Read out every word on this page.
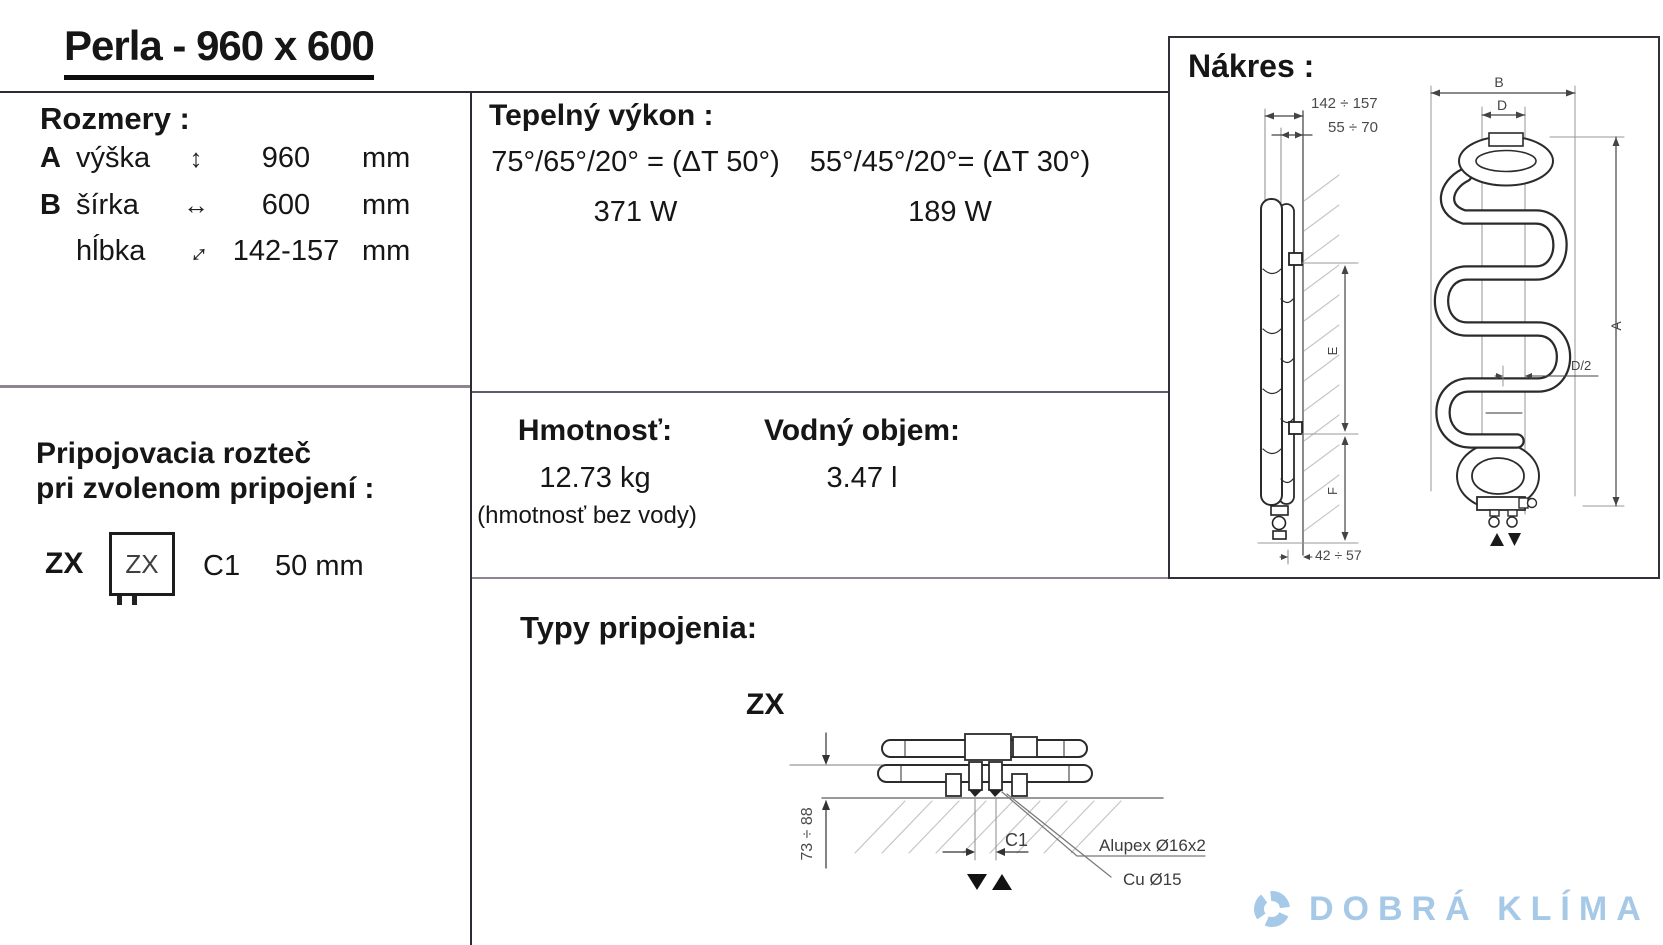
Perla - 960 x 600
Rozmery :
A výška	↕	960	mm
B šírka	↔	600	mm
hĺbka	↔ 142-157 mm
Tepelný výkon :
75°/65°/20° = (ΔT 50°)	55°/45°/20°= (ΔT 30°)
371 W	189 W
Pripojovacia rozteč
pri zvolenom pripojení :
ZX ZX C1 50 mm
Hmotnosť:
12.73 kg
(hmotnosť bez vody)
Vodný objem:
3.47 l
Typy pripojenia:
ZX
73 ÷ 88	C1	Alupex Ø16x2
Cu Ø15
Nákres :
142 ÷ 157
55 ÷ 70
E
F
42 ÷ 57
B
D
A
D/2
DOBRÁ KLÍMA
